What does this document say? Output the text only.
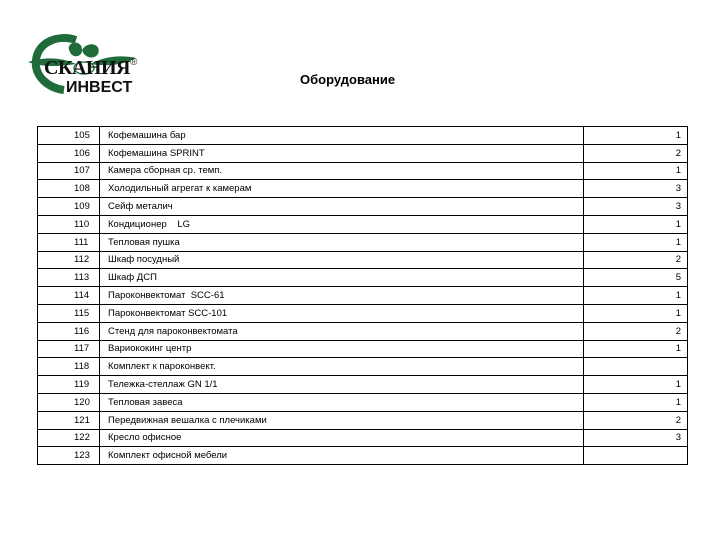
СКАНИЯ
ИНВЕСТ
®
Оборудование
105	Кофемашина бар	1
106	Кофемашина SPRINT	2
107	Камера сборная ср. темп.	1
108	Холодильный агрегат к камерам	3
109	Сейф металич	3
110	Кондиционер    LG	1
111	Тепловая пушка	1
112	Шкаф посудный	2
113	Шкаф ДСП	5
114	Пароконвектомат  SCC-61	1
115	Пароконвектомат SCC-101	1
116	Стенд для пароконвектомата	2
117	Вариококинг центр	1
118	Комплект к пароконвект.	
119	Тележка-стеллаж GN 1/1	1
120	Тепловая завеса	1
121	Передвижная вешалка с плечиками	2
122	Кресло офисное	3
123	Комплект офисной мебели	
